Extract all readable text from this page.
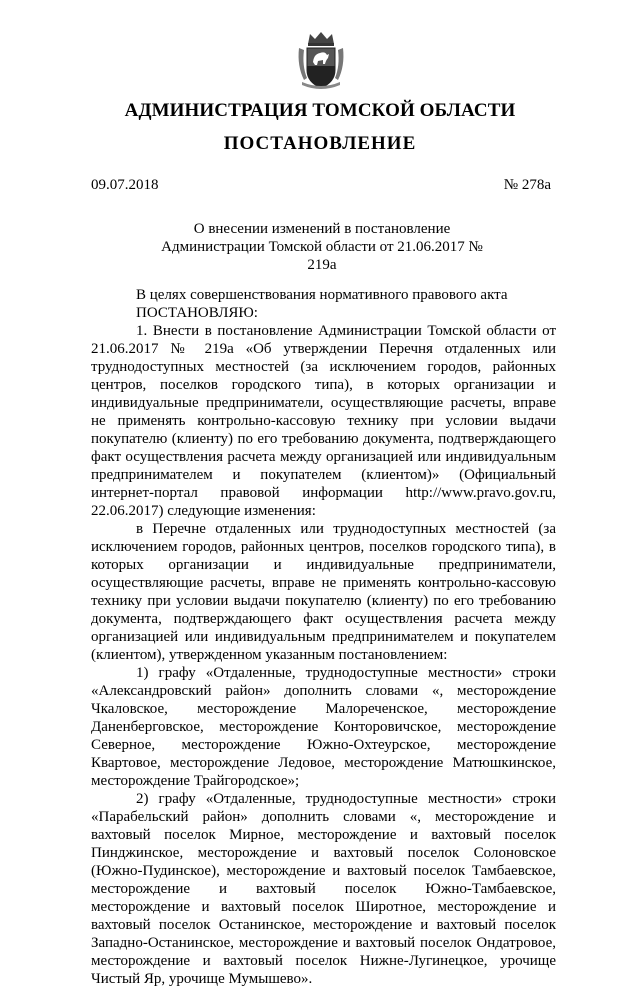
АДМИНИСТРАЦИЯ ТОМСКОЙ ОБЛАСТИ
ПОСТАНОВЛЕНИЕ
09.07.2018	№ 278а
О внесении изменений в постановление Администрации Томской области от 21.06.2017 № 219а

В целях совершенствования нормативного правового акта

ПОСТАНОВЛЯЮ:

1. Внести в постановление Администрации Томской области от 21.06.2017 № 219а «Об утверждении Перечня отдаленных или труднодоступных местностей (за исключением городов, районных центров, поселков городского типа), в которых организации и индивидуальные предприниматели, осуществляющие расчеты, вправе не применять контрольно-кассовую технику при условии выдачи покупателю (клиенту) по его требованию документа, подтверждающего факт осуществления расчета между организацией или индивидуальным предпринимателем и покупателем (клиентом)» (Официальный интернет-портал правовой информации http://www.pravo.gov.ru, 22.06.2017) следующие изменения:

в Перечне отдаленных или труднодоступных местностей (за исключением городов, районных центров, поселков городского типа), в которых организации и индивидуальные предприниматели, осуществляющие расчеты, вправе не применять контрольно-кассовую технику при условии выдачи покупателю (клиенту) по его требованию документа, подтверждающего факт осуществления расчета между организацией или индивидуальным предпринимателем и покупателем (клиентом), утвержденном указанным постановлением:

1) графу «Отдаленные, труднодоступные местности» строки «Александровский район» дополнить словами «, месторождение Чкаловское, месторождение Малореченское, месторождение Даненберговское, месторождение Конторовичское, месторождение Северное, месторождение Южно-Охтеурское, месторождение Квартовое, месторождение Ледовое, месторождение Матюшкинское, месторождение Трайгородское»;

2) графу «Отдаленные, труднодоступные местности» строки «Парабельский район» дополнить словами «, месторождение и вахтовый поселок Мирное, месторождение и вахтовый поселок Пинджинское, месторождение и вахтовый поселок Солоновское (Южно-Пудинское), месторождение и вахтовый поселок Тамбаевское, месторождение и вахтовый поселок Южно-Тамбаевское, месторождение и вахтовый поселок Широтное, месторождение и вахтовый поселок Останинское, месторождение и вахтовый поселок Западно-Останинское, месторождение и вахтовый поселок Ондатровое, месторождение и вахтовый поселок Нижне-Лугинецкое, урочище Чистый Яр, урочище Мумышево».
